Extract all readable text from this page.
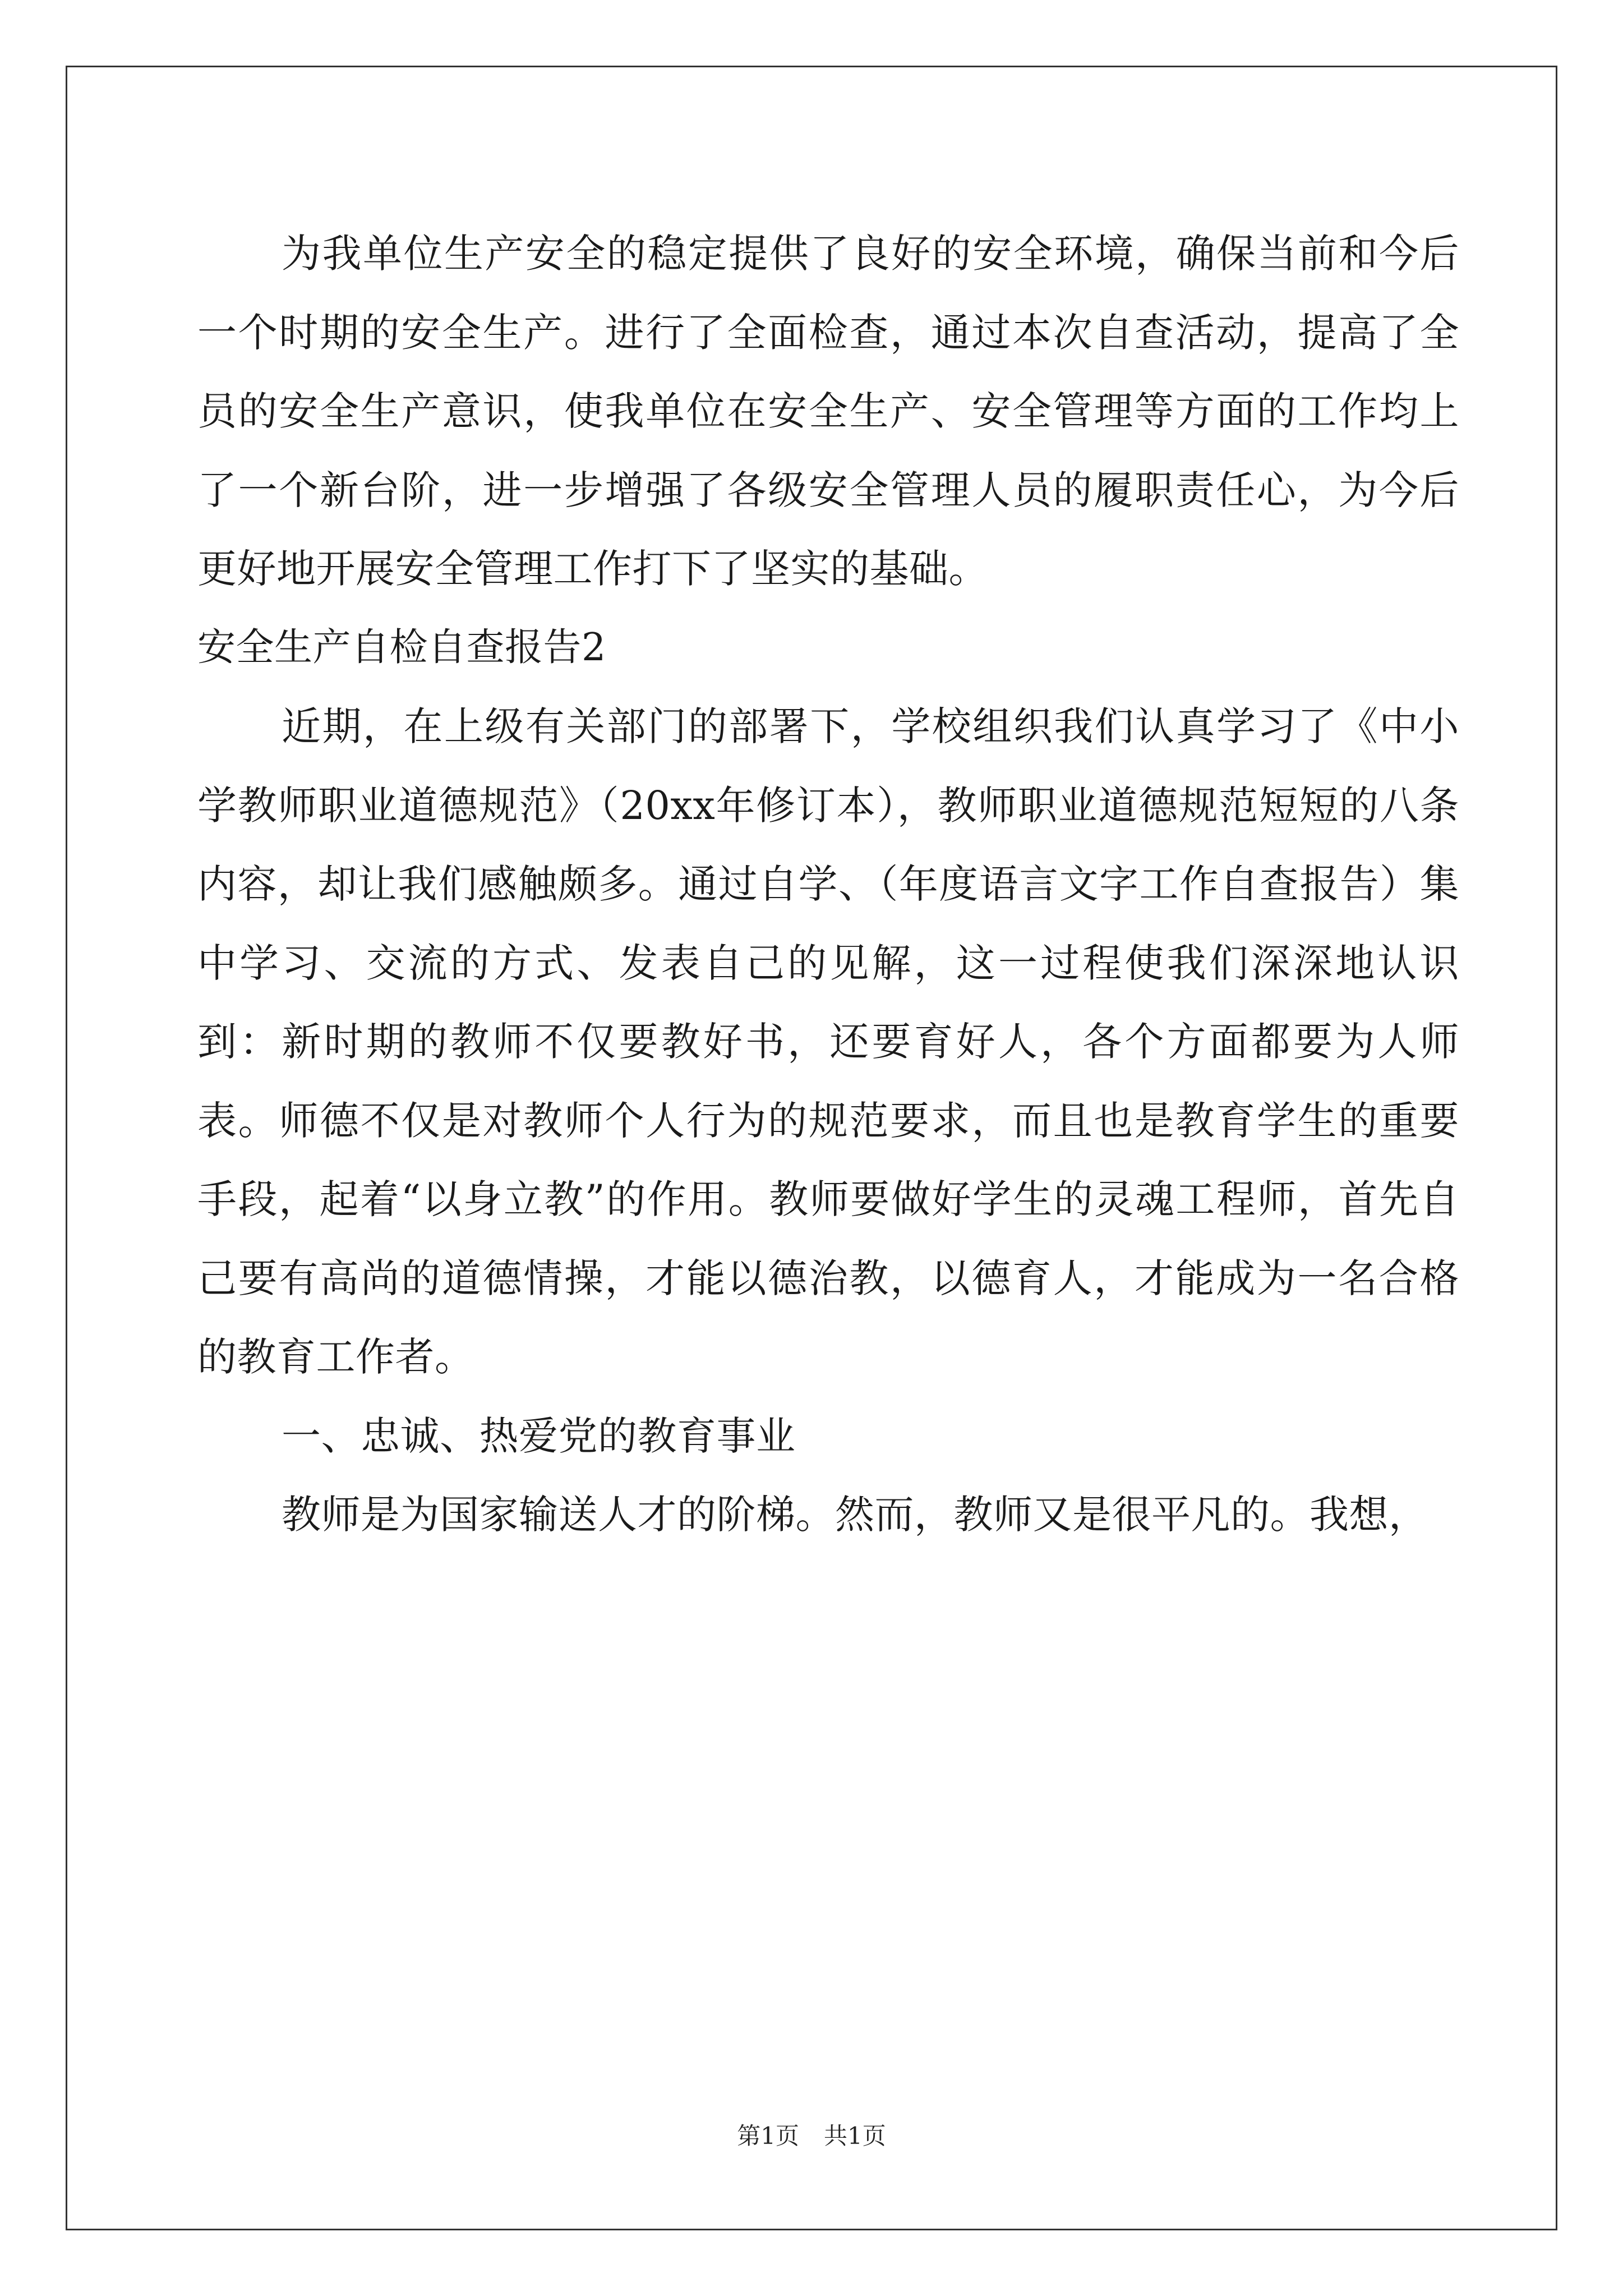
为我单位生产安全的稳定提供了良好的安全环境，确保当前和今后一个时期的安全生产。进行了全面检查，通过本次自查活动，提高了全员的安全生产意识，使我单位在安全生产、安全管理等方面的工作均上了一个新台阶，进一步增强了各级安全管理人员的履职责任心，为今后更好地开展安全管理工作打下了坚实的基础。

安全生产自检自查报告2

近期，在上级有关部门的部署下，学校组织我们认真学习了《中小学教师职业道德规范》（20xx年修订本），教师职业道德规范短短的八条内容，却让我们感触颇多。通过自学、（年度语言文字工作自查报告）集中学习、交流的方式、发表自己的见解，这一过程使我们深深地认识到：新时期的教师不仅要教好书，还要育好人，各个方面都要为人师表。师德不仅是对教师个人行为的规范要求，而且也是教育学生的重要手段，起着“以身立教”的作用。教师要做好学生的灵魂工程师，首先自己要有高尚的道德情操，才能以德治教，以德育人，才能成为一名合格的教育工作者。

一、忠诚、热爱党的教育事业

教师是为国家输送人才的阶梯。然而，教师又是很平凡的。我想，

第1页 共1页
